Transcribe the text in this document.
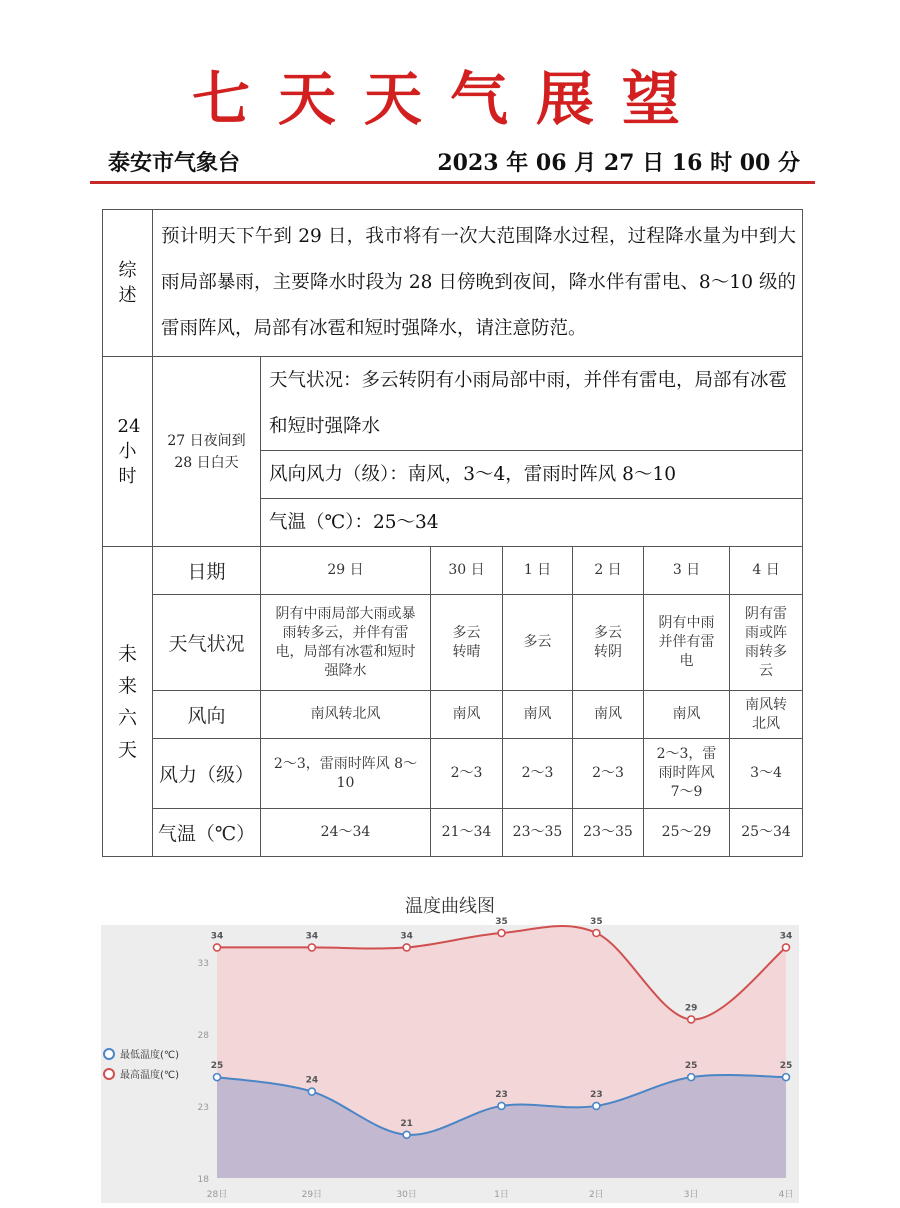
七天天气展望
泰安市气象台	2023 年 06 月 27 日 16 时 00 分
综述	预计明天下午到 29 日，我市将有一次大范围降水过程，过程降水量为中到大雨局部暴雨，主要降水时段为 28 日傍晚到夜间，降水伴有雷电、8～10 级的雷雨阵风，局部有冰雹和短时强降水，请注意防范。						

24小时	27 日夜间到28 日白天	天气状况：多云转阴有小雨局部中雨，并伴有雷电，局部有冰雹和短时强降水					
		风向风力（级）：南风，3～4，雷雨时阵风 8～10					
		气温（℃）：25～34					

未来六天	日期	29 日	30 日	1 日	2 日	3 日	4 日
	天气状况	阴有中雨局部大雨或暴雨转多云，并伴有雷电，局部有冰雹和短时强降水	多云转晴	多云	多云转阴	阴有中雨并伴有雷电	阴有雷雨或阵雨转多云

	风向	南风转北风	南风	南风	南风	南风	南风转北风

	风力（级）	2～3，雷雨时阵风 8～10	2～3	2～3	2～3	2～3，雷雨时阵风 7～9	3～4
	气温（℃）	24～34	21～34	23～35	23～35	25～29	25～34
温度曲线图
18
23
28
33
28日	29日	30日	1日	2日	3日	4日
25
24
21
23	23
25	25
34	34	34
35	35
29
34
最低温度(℃)
最高温度(℃)
